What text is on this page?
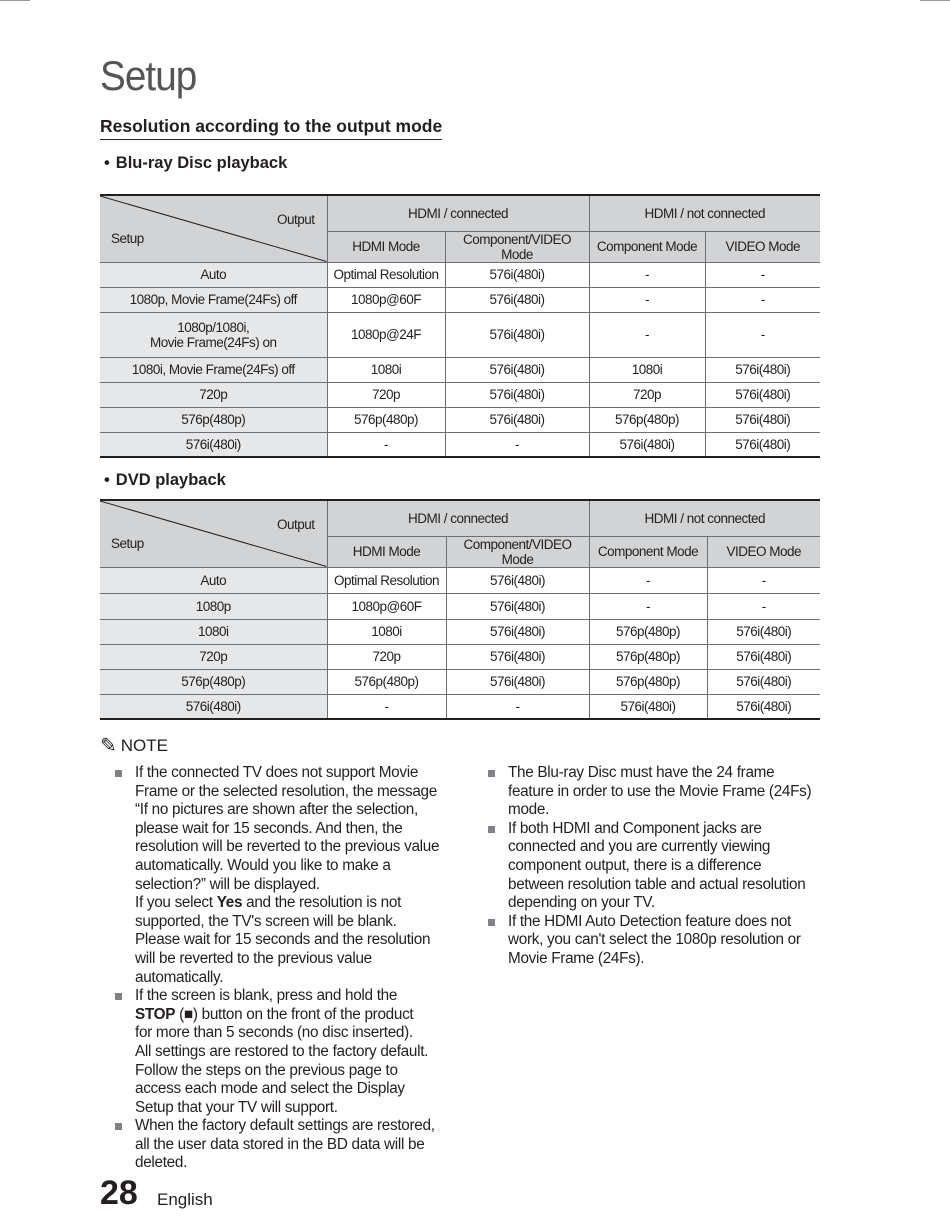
Setup
Resolution according to the output mode
• Blu-ray Disc playback
Output
Setup	HDMI / connected		HDMI / not connected	
	HDMI Mode	Component/VIDEO Mode	Component Mode	VIDEO Mode

Auto	Optimal Resolution	576i(480i)	-	-

1080p, Movie Frame(24Fs) off	1080p@60F	576i(480i)	-	-

1080p/1080i,
Movie Frame(24Fs) on	1080p@24F	576i(480i)	-	-

1080i, Movie Frame(24Fs) off	1080i	576i(480i)	1080i	576i(480i)

720p	720p	576i(480i)	720p	576i(480i)

576p(480p)	576p(480p)	576i(480i)	576p(480p)	576i(480i)

576i(480i)	-	-	576i(480i)	576i(480i)
• DVD playback
Output
Setup	HDMI / connected		HDMI / not connected	
	HDMI Mode	Component/VIDEO Mode	Component Mode	VIDEO Mode

Auto	Optimal Resolution	576i(480i)	-	-

1080p	1080p@60F	576i(480i)	-	-

1080i	1080i	576i(480i)	576p(480p)	576i(480i)

720p	720p	576i(480i)	576p(480p)	576i(480i)

576p(480p)	576p(480p)	576i(480i)	576p(480p)	576i(480i)

576i(480i)	-	-	576i(480i)	576i(480i)
✎ NOTE
If the connected TV does not support Movie
Frame or the selected resolution, the message
“If no pictures are shown after the selection,
please wait for 15 seconds. And then, the
resolution will be reverted to the previous value
automatically. Would you like to make a
selection?” will be displayed.
If you select Yes and the resolution is not
supported, the TV's screen will be blank.
Please wait for 15 seconds and the resolution
will be reverted to the previous value
automatically.
If the screen is blank, press and hold the
STOP (■) button on the front of the product
for more than 5 seconds (no disc inserted).
All settings are restored to the factory default.
Follow the steps on the previous page to
access each mode and select the Display
Setup that your TV will support.
When the factory default settings are restored,
all the user data stored in the BD data will be
deleted.
The Blu-ray Disc must have the 24 frame
feature in order to use the Movie Frame (24Fs)
mode.
If both HDMI and Component jacks are
connected and you are currently viewing
component output, there is a difference
between resolution table and actual resolution
depending on your TV.
If the HDMI Auto Detection feature does not
work, you can't select the 1080p resolution or
Movie Frame (24Fs).
28 English
